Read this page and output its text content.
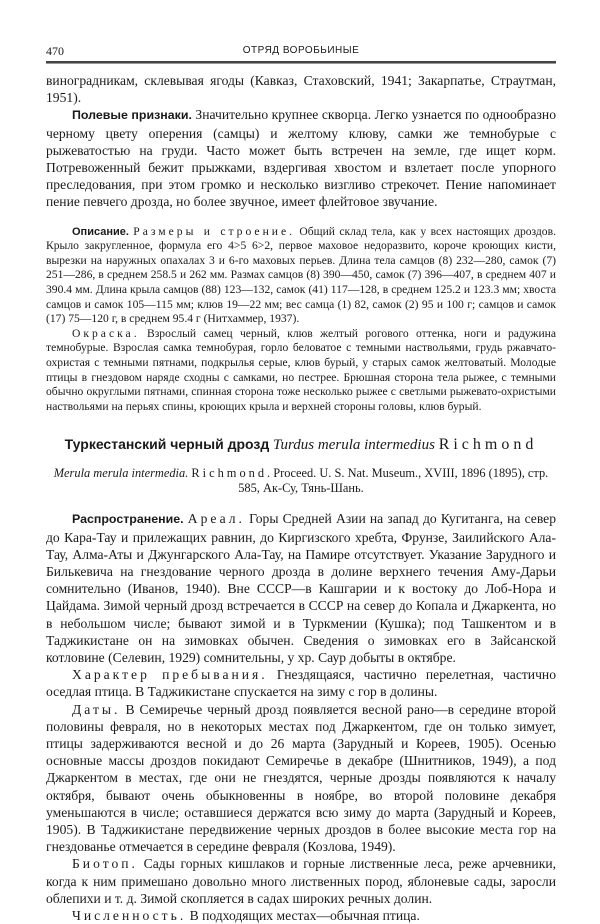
470	ОТРЯД ВОРОБЬИНЫЕ

виноградникам, склевывая ягоды (Кавказ, Стаховский, 1941; Закарпатье, Страутман, 1951).

Полевые признаки. Значительно крупнее скворца. Легко узнается по однообразно черному цвету оперения (самцы) и желтому клюву, самки же темнобурые с рыжеватостью на груди. Часто может быть встречен на земле, где ищет корм. Потревоженный бежит прыжками, вздергивая хвостом и взлетает после упорного преследования, при этом громко и несколько визгливо стрекочет. Пение напоминает пение певчего дрозда, но более звучное, имеет флейтовое звучание.

Описание. Размеры и строение. Общий склад тела, как у всех настоящих дроздов. Крыло закругленное, формула его 4>5 6>2, первое маховое недоразвито, короче кроющих кисти, вырезки на наружных опахалах 3 и 6-го маховых перьев. Длина тела самцов (8) 232—280, самок (7) 251—286, в среднем 258.5 и 262 мм. Размах самцов (8) 390—450, самок (7) 396—407, в среднем 407 и 390.4 мм. Длина крыла самцов (88) 123—132, самок (41) 117—128, в среднем 125.2 и 123.3 мм; хвоста самцов и самок 105—115 мм; клюв 19—22 мм; вес самца (1) 82, самок (2) 95 и 100 г; самцов и самок (17) 75—120 г, в среднем 95.4 г (Нитхаммер, 1937).

Окраска. Взрослый самец черный, клюв желтый рогового оттенка, ноги и радужина темнобурые. Взрослая самка темнобурая, горло беловатое с темными наствольями, грудь ржавчато-охристая с темными пятнами, подкрылья серые, клюв бурый, у старых самок желтоватый. Молодые птицы в гнездовом наряде сходны с самками, но пестрее. Брюшная сторона тела рыжее, с темными обычно округлыми пятнами, спинная сторона тоже несколько рыжее с светлыми рыжевато-охристыми наствольями на перьях спины, кроющих крыла и верхней стороны головы, клюв бурый.

Туркестанский черный дрозд Turdus merula intermedius Richmond
Merula merula intermedia. Richmond. Proceed. U. S. Nat. Museum., XVIII, 1896 (1895), стр. 585, Ак-Су, Тянь-Шань.

Распространение. Ареал. Горы Средней Азии на запад до Кугитанга, на север до Кара-Тау и прилежащих равнин, до Киргизского хребта, Фрунзе, Заилийского Ала-Тау, Алма-Аты и Джунгарского Ала-Тау, на Памире отсутствует. Указание Зарудного и Билькевича на гнездование черного дрозда в долине верхнего течения Аму-Дарьи сомнительно (Иванов, 1940). Вне СССР—в Кашгарии и к востоку до Лоб-Нора и Цайдама. Зимой черный дрозд встречается в СССР на север до Копала и Джаркента, но в небольшом числе; бывают зимой и в Туркмении (Кушка); под Ташкентом и в Таджикистане он на зимовках обычен. Сведения о зимовках его в Зайсанской котловине (Селевин, 1929) сомнительны, у хр. Саур добыты в октябре.

Характер пребывания. Гнездящаяся, частично перелетная, частично оседлая птица. В Таджикистане спускается на зиму с гор в долины.

Даты. В Семиречье черный дрозд появляется весной рано—в середине второй половины февраля, но в некоторых местах под Джаркентом, где он только зимует, птицы задерживаются весной и до 26 марта (Зарудный и Кореев, 1905). Осенью основные массы дроздов покидают Семиречье в декабре (Шнитников, 1949), а под Джаркентом в местах, где они не гнездятся, черные дрозды появляются к началу октября, бывают очень обыкновенны в ноябре, во второй половине декабря уменьшаются в числе; оставшиеся держатся всю зиму до марта (Зарудный и Кореев, 1905). В Таджикистане передвижение черных дроздов в более высокие места гор на гнездованье отмечается в середине февраля (Козлова, 1949).

Биотоп. Сады горных кишлаков и горные лиственные леса, реже арчевники, когда к ним примешано довольно много лиственных пород, яблоневые сады, заросли облепихи и т. д. Зимой скопляется в садах широких речных долин.

Численность. В подходящих местах—обычная птица.
